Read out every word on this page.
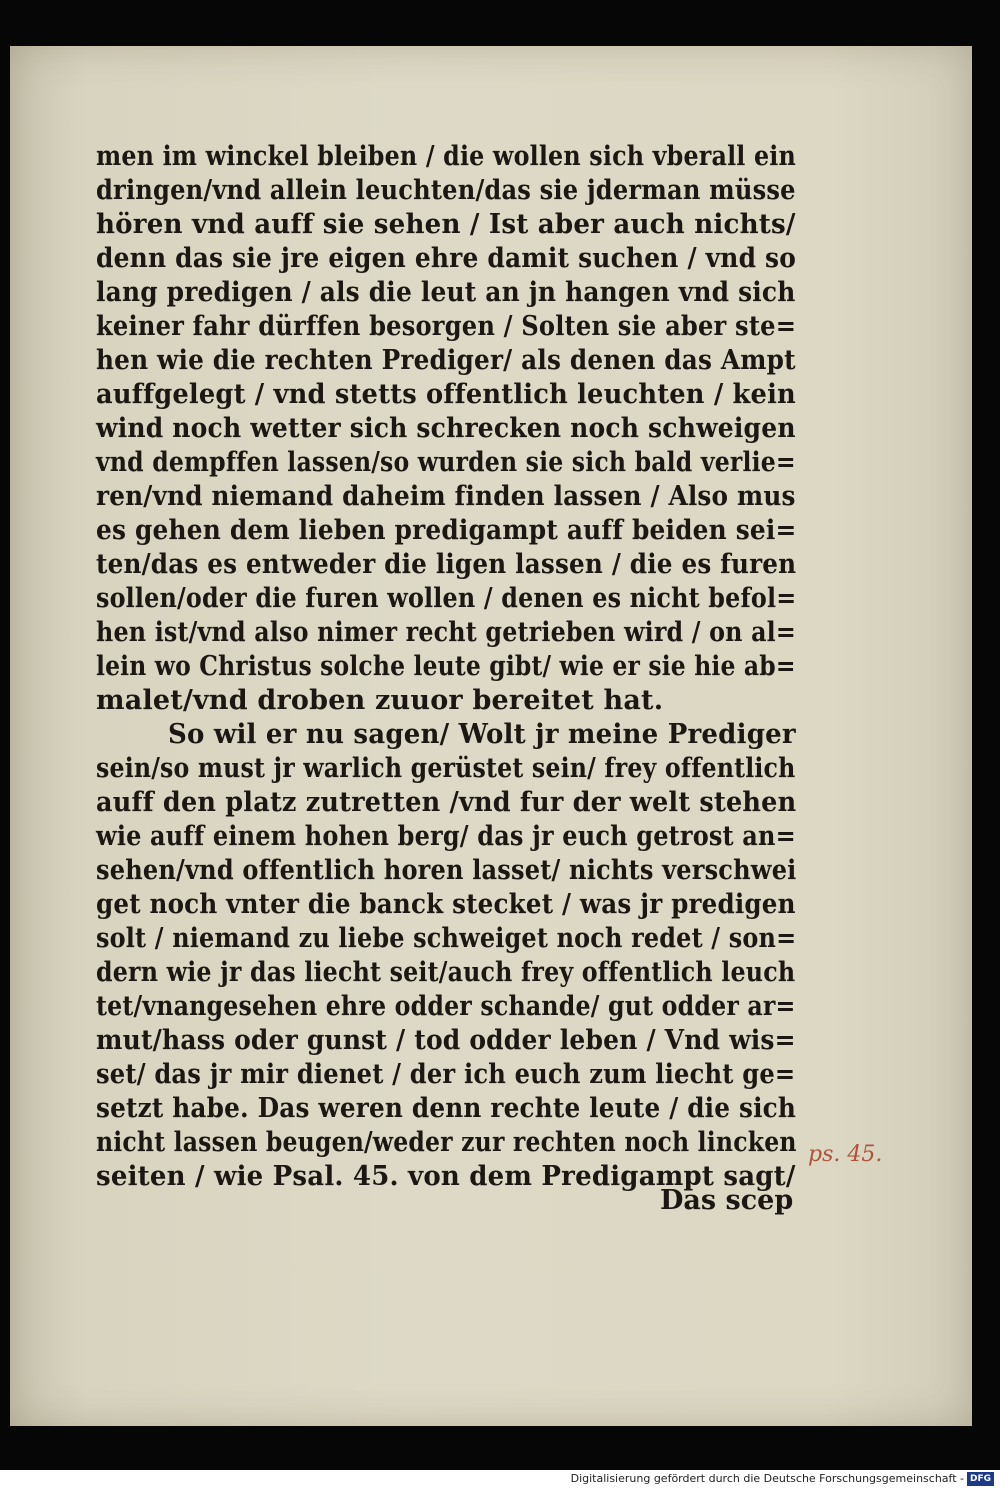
men im winckel bleiben / die wollen sich vberall ein
dringen/vnd allein leuchten/das sie jderman müsse
hören vnd auff sie sehen / Ist aber auch nichts/
denn das sie jre eigen ehre damit suchen / vnd so
lang predigen / als die leut an jn hangen vnd sich
keiner fahr dürffen besorgen / Solten sie aber ste=
hen wie die rechten Prediger/ als denen das Ampt
auffgelegt / vnd stetts offentlich leuchten / kein
wind noch wetter sich schrecken noch schweigen
vnd dempffen lassen/so wurden sie sich bald verlie=
ren/vnd niemand daheim finden lassen / Also mus
es gehen dem lieben predigampt auff beiden sei=
ten/das es entweder die ligen lassen / die es furen
sollen/oder die furen wollen / denen es nicht befol=
hen ist/vnd also nimer recht getrieben wird / on al=
lein wo Christus solche leute gibt/ wie er sie hie ab=
malet/vnd droben zuuor bereitet hat.
So wil er nu sagen/ Wolt jr meine Prediger
sein/so must jr warlich gerüstet sein/ frey offentlich
auff den platz zutretten /vnd fur der welt stehen
wie auff einem hohen berg/ das jr euch getrost an=
sehen/vnd offentlich horen lasset/ nichts verschwei
get noch vnter die banck stecket / was jr predigen
solt / niemand zu liebe schweiget noch redet / son=
dern wie jr das liecht seit/auch frey offentlich leuch
tet/vnangesehen ehre odder schande/ gut odder ar=
mut/hass oder gunst / tod odder leben / Vnd wis=
set/ das jr mir dienet / der ich euch zum liecht ge=
setzt habe. Das weren denn rechte leute / die sich
nicht lassen beugen/weder zur rechten noch lincken
seiten / wie Psal. 45. von dem Predigampt sagt/
ps. 45.
Das scep
Digitalisierung gefördert durch die Deutsche Forschungsgemeinschaft - DFG
